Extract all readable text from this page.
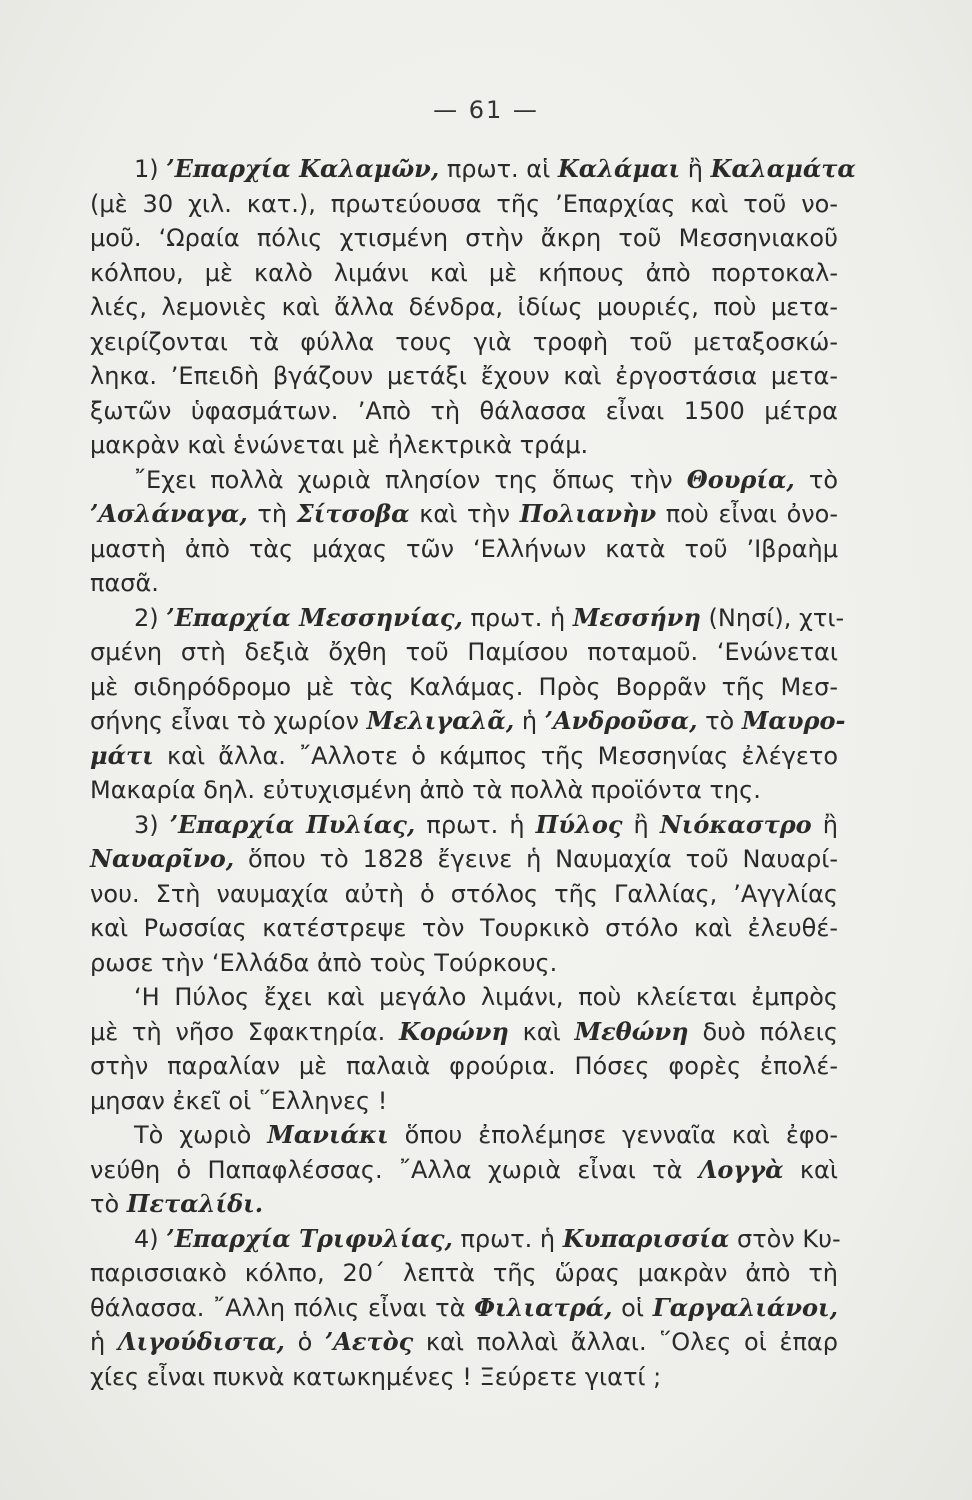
— 61 —
1) ’Επαρχία Καλαμῶν, πρωτ. αἱ Καλάμαι ἢ Καλαμάτα
(μὲ 30 χιλ. κατ.), πρωτεύουσα τῆς ’Επαρχίας καὶ τοῦ νο-
μοῦ. ‘Ωραία πόλις χτισμένη στὴν ἄκρη τοῦ Μεσσηνιακοῦ
κόλπου, μὲ καλὸ λιμάνι καὶ μὲ κήπους ἀπὸ πορτοκαλ-
λιές, λεμονιὲς καὶ ἄλλα δένδρα, ἰδίως μουριές, ποὺ μετα-
χειρίζονται τὰ φύλλα τους γιὰ τροφὴ τοῦ μεταξοσκώ-
ληκα. ’Επειδὴ βγάζουν μετάξι ἔχουν καὶ ἐργοστάσια μετα-
ξωτῶν ὑφασμάτων. ’Απὸ τὴ θάλασσα εἶναι 1500 μέτρα
μακρὰν καὶ ἑνώνεται μὲ ἠλεκτρικὰ τράμ.
῎Εχει πολλὰ χωριὰ πλησίον της ὅπως τὴν Θουρία, τὸ
’Ασλάναγα, τὴ Σίτσοβα καὶ τὴν Πολιανὴν ποὺ εἶναι ὀνο-
μαστὴ ἀπὸ τὰς μάχας τῶν ‘Ελλήνων κατὰ τοῦ ’Ιβραὴμ
πασᾶ.
2) ’Επαρχία Μεσσηνίας, πρωτ. ἡ Μεσσήνη (Νησί), χτι-
σμένη στὴ δεξιὰ ὄχθη τοῦ Παμίσου ποταμοῦ. ‘Ενώνεται
μὲ σιδηρόδρομο μὲ τὰς Καλάμας. Πρὸς Βορρᾶν τῆς Μεσ-
σήνης εἶναι τὸ χωρίον Μελιγαλᾶ, ἡ ’Ανδροῦσα, τὸ Μαυρο-
μάτι καὶ ἄλλα. ῎Αλλοτε ὁ κάμπος τῆς Μεσσηνίας ἐλέγετο
Μακαρία δηλ. εὐτυχισμένη ἀπὸ τὰ πολλὰ προϊόντα της.
3) ’Επαρχία Πυλίας, πρωτ. ἡ Πύλος ἢ Νιόκαστρο ἢ
Ναυαρῖνο, ὅπου τὸ 1828 ἔγεινε ἡ Ναυμαχία τοῦ Ναυαρί-
νου. Στὴ ναυμαχία αὐτὴ ὁ στόλος τῆς Γαλλίας, ’Αγγλίας
καὶ Ρωσσίας κατέστρεψε τὸν Τουρκικὸ στόλο καὶ ἐλευθέ-
ρωσε τὴν ‘Ελλάδα ἀπὸ τοὺς Τούρκους.
‘Η Πύλος ἔχει καὶ μεγάλο λιμάνι, ποὺ κλείεται ἐμπρὸς
μὲ τὴ νῆσο Σφακτηρία. Κορώνη καὶ Μεθώνη δυὸ πόλεις
στὴν παραλίαν μὲ παλαιὰ φρούρια. Πόσες φορὲς ἐπολέ-
μησαν ἐκεῖ οἱ ῞Ελληνες !
Τὸ χωριὸ Μανιάκι ὅπου ἐπολέμησε γενναῖα καὶ ἐφο-
νεύθη ὁ Παπαφλέσσας. ῎Αλλα χωριὰ εἶναι τὰ Λογγὰ καὶ
τὸ Πεταλίδι.
4) ’Επαρχία Τριφυλίας, πρωτ. ἡ Κυπαρισσία στὸν Κυ-
παρισσιακὸ κόλπο, 20΄ λεπτὰ τῆς ὥρας μακρὰν ἀπὸ τὴ
θάλασσα. ῎Αλλη πόλις εἶναι τὰ Φιλιατρά, οἱ Γαργαλιάνοι,
ἡ Λιγούδιστα, ὁ ’Αετὸς καὶ πολλαὶ ἄλλαι. ῞Ολες οἱ ἐπαρ
χίες εἶναι πυκνὰ κατωκημένες ! Ξεύρετε γιατί ;
